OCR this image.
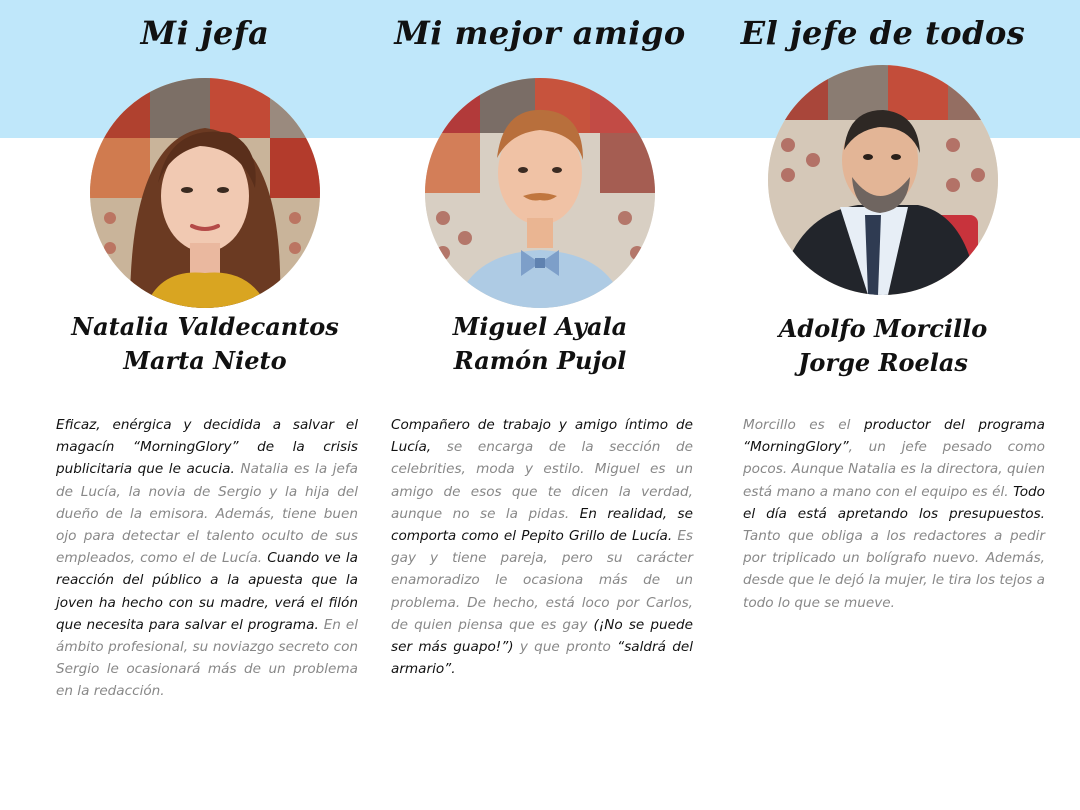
Mi jefa
Natalia Valdecantos
Marta Nieto
Eficaz, enérgica y decidida a salvar el magacín “MorningGlory” de la crisis publicitaria que le acucia. Natalia es la jefa de Lucía, la novia de Sergio y la hija del dueño de la emisora. Además, tiene buen ojo para detectar el talento oculto de sus empleados, como el de Lucía. Cuando ve la reacción del público a la apuesta que la joven ha hecho con su madre, verá el filón que necesita para salvar el programa. En el ámbito profesional, su noviazgo secreto con Sergio le ocasionará más de un problema en la redacción.
Mi mejor amigo
Miguel Ayala
Ramón Pujol
Compañero de trabajo y amigo íntimo de Lucía, se encarga de la sección de celebrities, moda y estilo. Miguel es un amigo de esos que te dicen la verdad, aunque no se la pidas. En realidad, se comporta como el Pepito Grillo de Lucía. Es gay y tiene pareja, pero su carácter enamoradizo le ocasiona más de un problema. De hecho, está loco por Carlos, de quien piensa que es gay (¡No se puede ser más guapo!”) y que pronto “saldrá del armario”.
El jefe de todos
Adolfo Morcillo
Jorge Roelas
Morcillo es el productor del programa “MorningGlory”, un jefe pesado como pocos. Aunque Natalia es la directora, quien está mano a mano con el equipo es él. Todo el día está apretando los presupuestos. Tanto que obliga a los redactores a pedir por triplicado un bolígrafo nuevo. Además, desde que le dejó la mujer, le tira los tejos a todo lo que se mueve.
